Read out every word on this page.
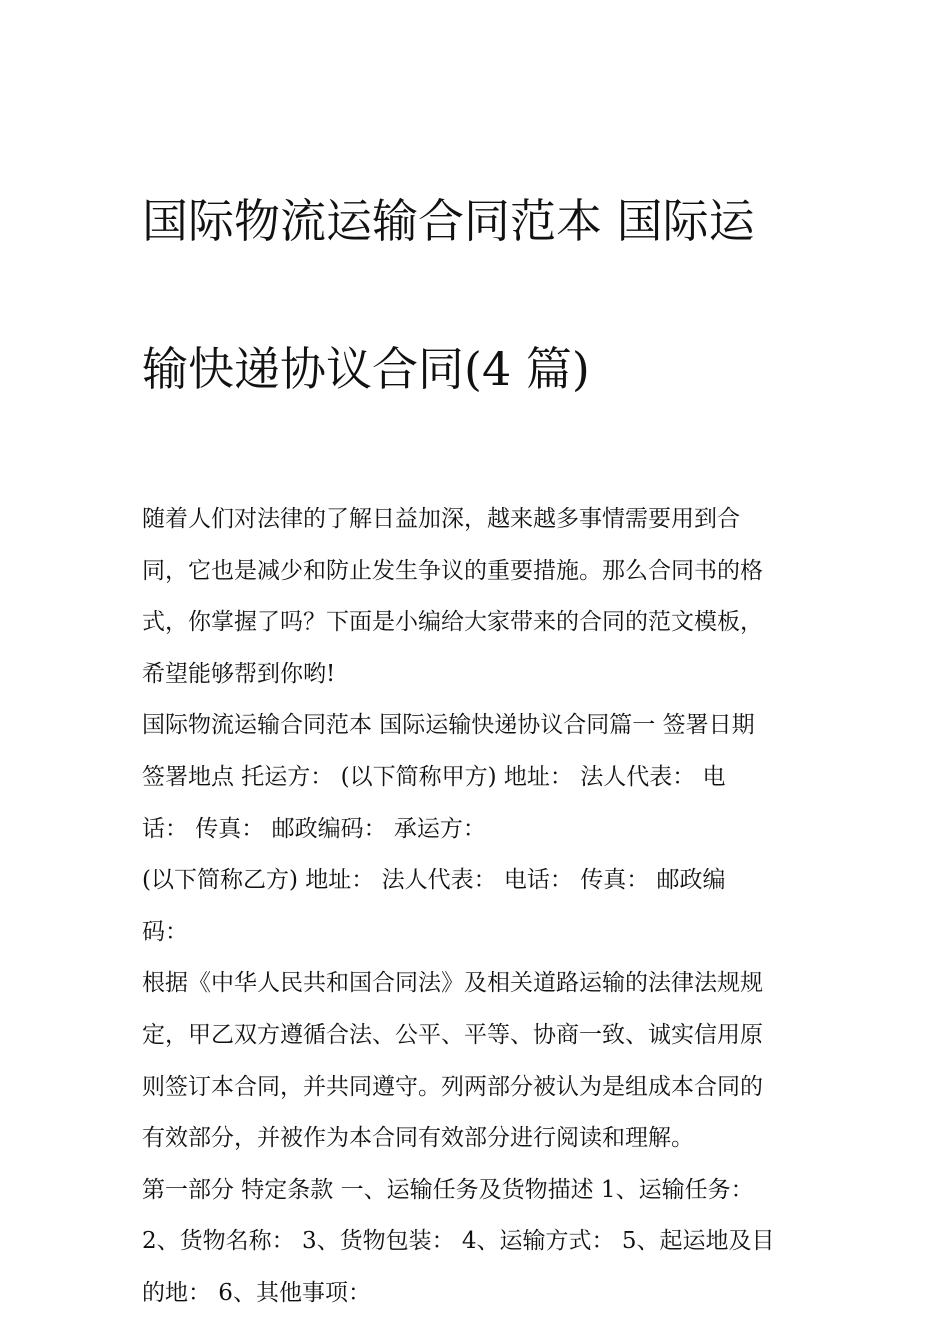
国际物流运输合同范本 国际运

输快递协议合同(4 篇)

随着人们对法律的了解日益加深，越来越多事情需要用到合
同，它也是减少和防止发生争议的重要措施。那么合同书的格
式，你掌握了吗？下面是小编给大家带来的合同的范文模板，
希望能够帮到你哟!

国际物流运输合同范本 国际运输快递协议合同篇一 签署日期
签署地点 托运方： (以下简称甲方) 地址： 法人代表： 电
话： 传真： 邮政编码： 承运方：

(以下简称乙方) 地址： 法人代表： 电话： 传真： 邮政编
码：

根据《中华人民共和国合同法》及相关道路运输的法律法规规
定，甲乙双方遵循合法、公平、平等、协商一致、诚实信用原
则签订本合同，并共同遵守。列两部分被认为是组成本合同的
有效部分，并被作为本合同有效部分进行阅读和理解。

第一部分 特定条款 一、运输任务及货物描述 1、运输任务：
2、货物名称： 3、货物包装： 4、运输方式： 5、起运地及目
的地： 6、其他事项：
